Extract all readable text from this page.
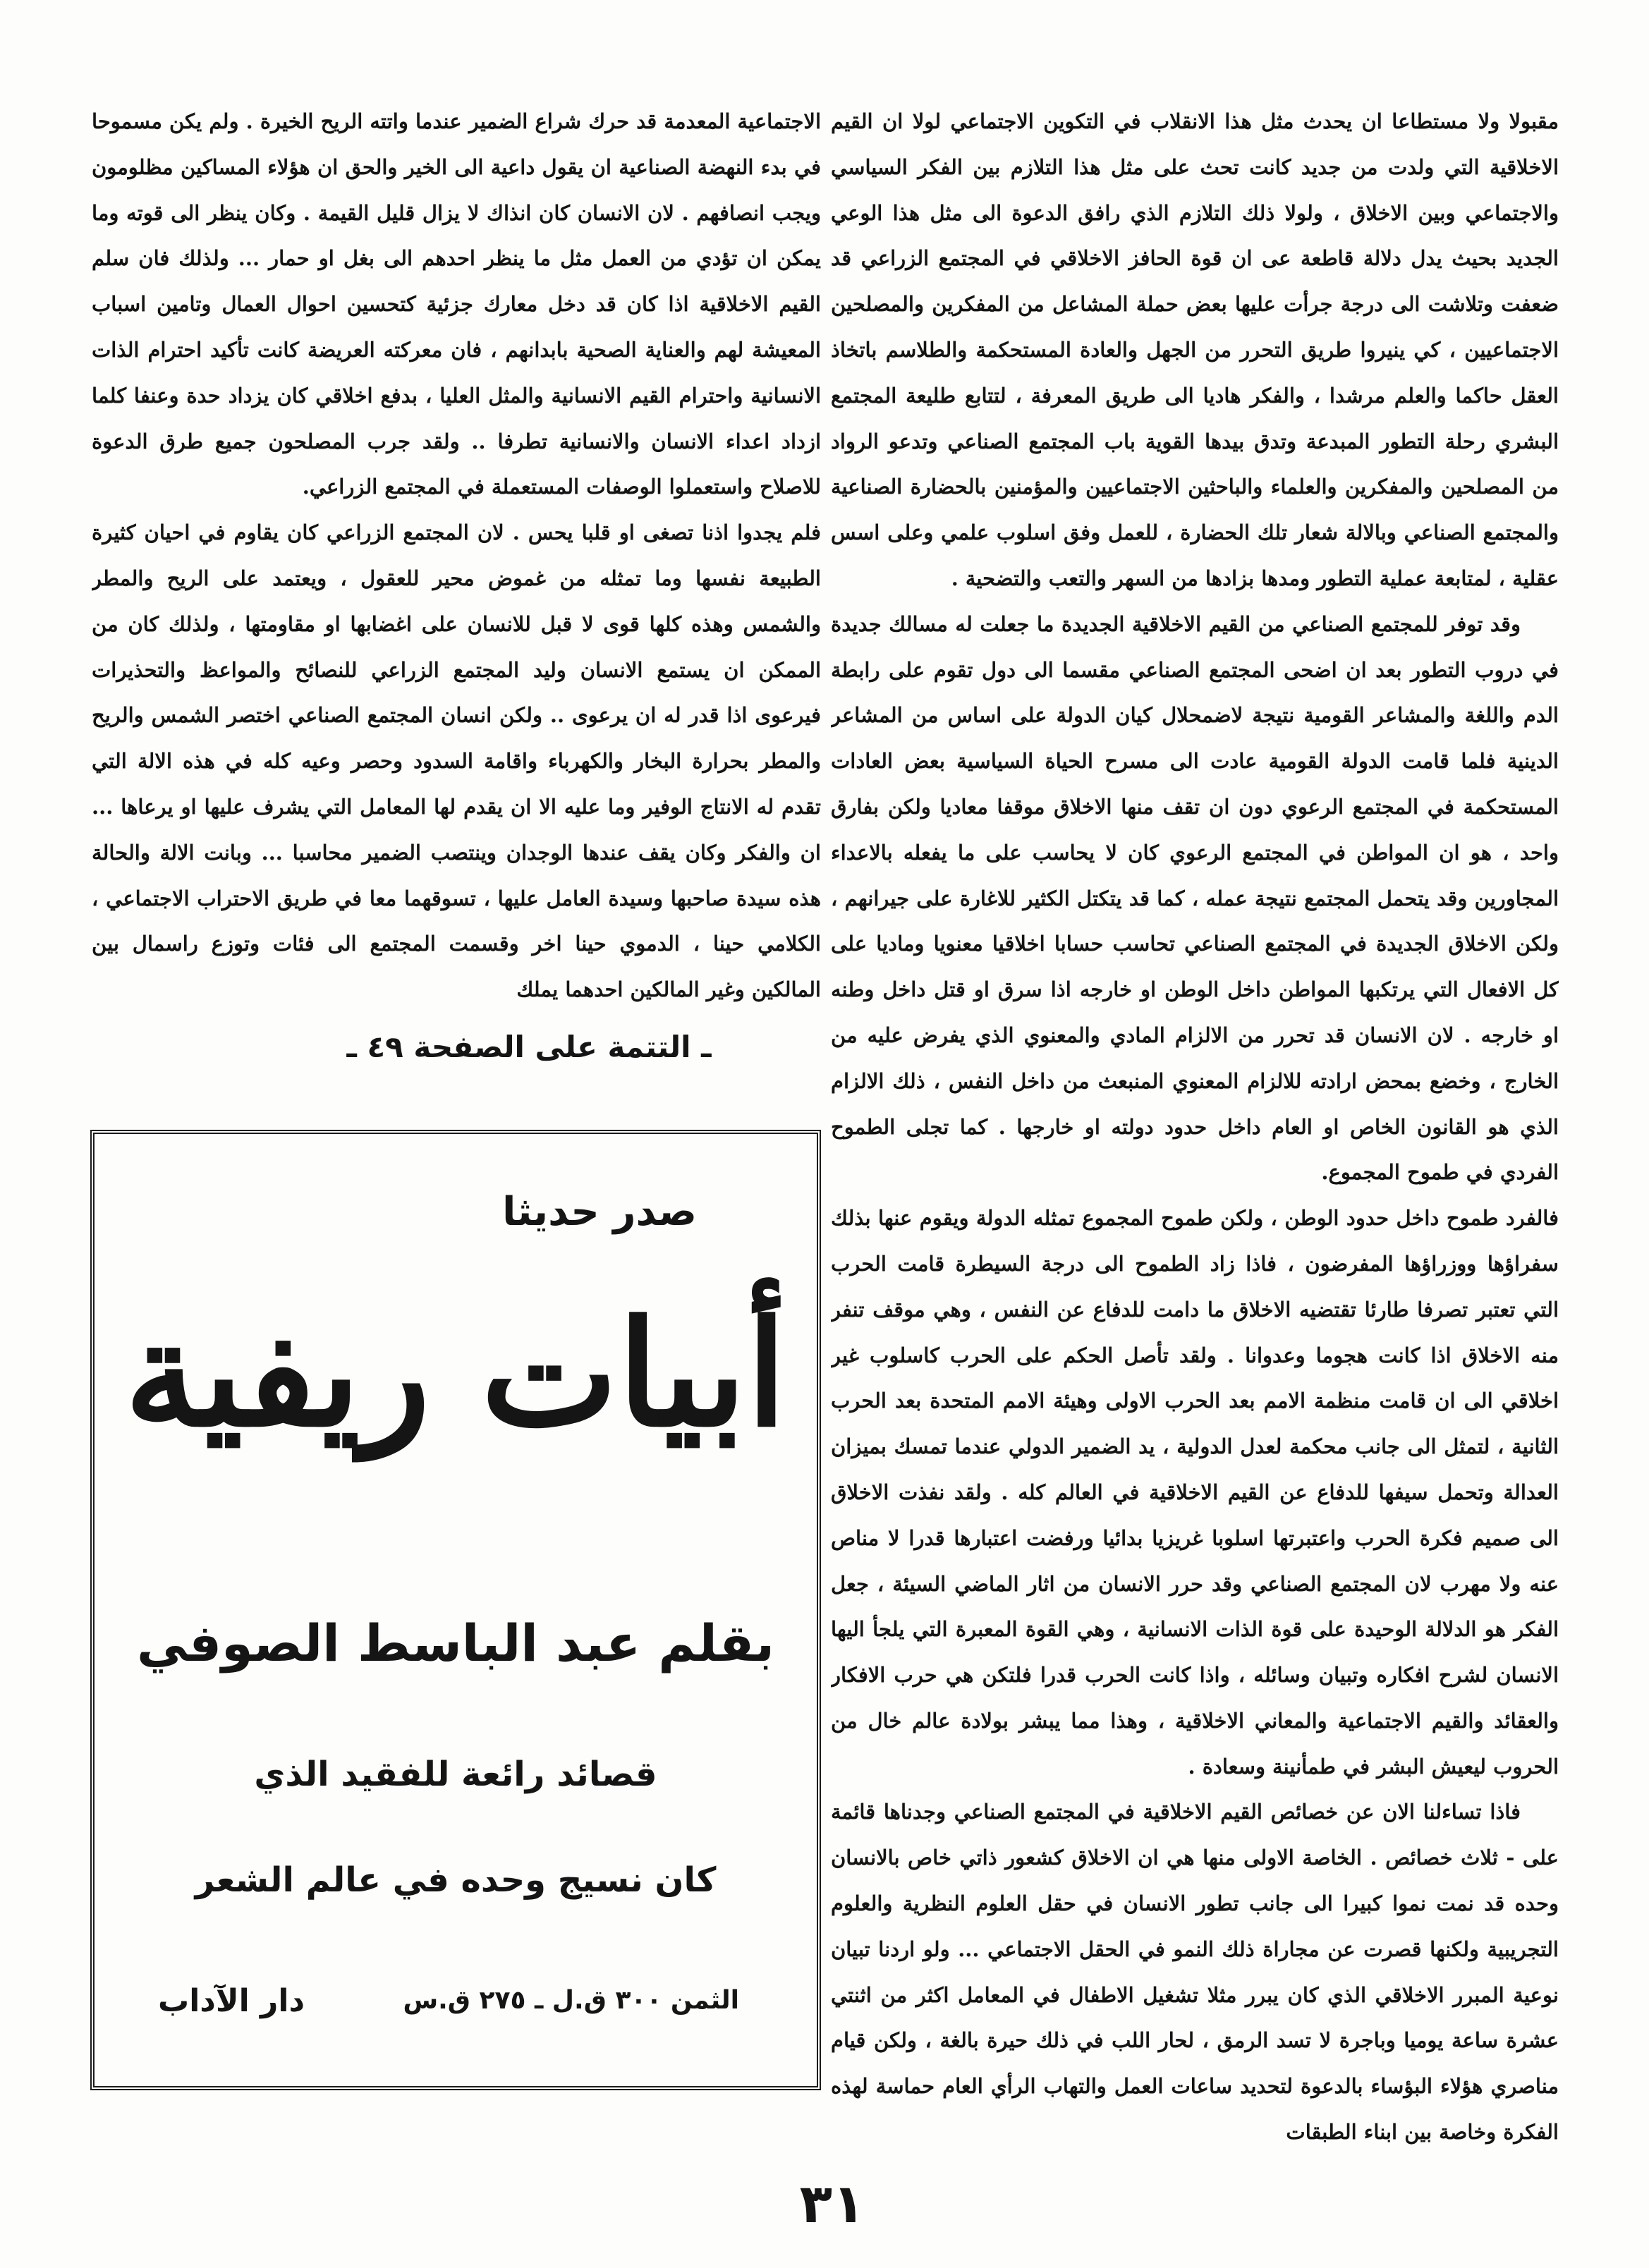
مقبولا ولا مستطاعا ان يحدث مثل هذا الانقلاب في التكوين الاجتماعي لولا ان القيم الاخلاقية التي ولدت من جديد كانت تحث على مثل هذا التلازم بين الفكر السياسي والاجتماعي وبين الاخلاق ، ولولا ذلك التلازم الذي رافق الدعوة الى مثل هذا الوعي الجديد بحيث يدل دلالة قاطعة عى ان قوة الحافز الاخلاقي في المجتمع الزراعي قد ضعفت وتلاشت الى درجة جرأت عليها بعض حملة المشاعل من المفكرين والمصلحين الاجتماعيين ، كي ينيروا طريق التحرر من الجهل والعادة المستحكمة والطلاسم باتخاذ العقل حاكما والعلم مرشدا ، والفكر هاديا الى طريق المعرفة ، لتتابع طليعة المجتمع البشري رحلة التطور المبدعة وتدق بيدها القوية باب المجتمع الصناعي وتدعو الرواد من المصلحين والمفكرين والعلماء والباحثين الاجتماعيين والمؤمنين بالحضارة الصناعية والمجتمع الصناعي وبالالة شعار تلك الحضارة ، للعمل وفق اسلوب علمي وعلى اسس عقلية ، لمتابعة عملية التطور ومدها بزادها من السهر والتعب والتضحية .

وقد توفر للمجتمع الصناعي من القيم الاخلاقية الجديدة ما جعلت له مسالك جديدة في دروب التطور بعد ان اضحى المجتمع الصناعي مقسما الى دول تقوم على رابطة الدم واللغة والمشاعر القومية نتيجة لاضمحلال كيان الدولة على اساس من المشاعر الدينية فلما قامت الدولة القومية عادت الى مسرح الحياة السياسية بعض العادات المستحكمة في المجتمع الرعوي دون ان تقف منها الاخلاق موقفا معاديا ولكن بفارق واحد ، هو ان المواطن في المجتمع الرعوي كان لا يحاسب على ما يفعله بالاعداء المجاورين وقد يتحمل المجتمع نتيجة عمله ، كما قد يتكتل الكثير للاغارة على جيرانهم ، ولكن الاخلاق الجديدة في المجتمع الصناعي تحاسب حسابا اخلاقيا معنويا وماديا على كل الافعال التي يرتكبها المواطن داخل الوطن او خارجه اذا سرق او قتل داخل وطنه او خارجه . لان الانسان قد تحرر من الالزام المادي والمعنوي الذي يفرض عليه من الخارج ، وخضع بمحض ارادته للالزام المعنوي المنبعث من داخل النفس ، ذلك الالزام الذي هو القانون الخاص او العام داخل حدود دولته او خارجها . كما تجلى الطموح الفردي في طموح المجموع.

فالفرد طموح داخل حدود الوطن ، ولكن طموح المجموع تمثله الدولة ويقوم عنها بذلك سفراؤها ووزراؤها المفرضون ، فاذا زاد الطموح الى درجة السيطرة قامت الحرب التي تعتبر تصرفا طارئا تقتضيه الاخلاق ما دامت للدفاع عن النفس ، وهي موقف تنفر منه الاخلاق اذا كانت هجوما وعدوانا . ولقد تأصل الحكم على الحرب كاسلوب غير اخلاقي الى ان قامت منظمة الامم بعد الحرب الاولى وهيئة الامم المتحدة بعد الحرب الثانية ، لتمثل الى جانب محكمة لعدل الدولية ، يد الضمير الدولي عندما تمسك بميزان العدالة وتحمل سيفها للدفاع عن القيم الاخلاقية في العالم كله . ولقد نفذت الاخلاق الى صميم فكرة الحرب واعتبرتها اسلوبا غريزيا بدائيا ورفضت اعتبارها قدرا لا مناص عنه ولا مهرب لان المجتمع الصناعي وقد حرر الانسان من اثار الماضي السيئة ، جعل الفكر هو الدلالة الوحيدة على قوة الذات الانسانية ، وهي القوة المعبرة التي يلجأ اليها الانسان لشرح افكاره وتبيان وسائله ، واذا كانت الحرب قدرا فلتكن هي حرب الافكار والعقائد والقيم الاجتماعية والمعاني الاخلاقية ، وهذا مما يبشر بولادة عالم خال من الحروب ليعيش البشر في طمأنينة وسعادة .

فاذا تساءلنا الان عن خصائص القيم الاخلاقية في المجتمع الصناعي وجدناها قائمة على - ثلاث خصائص . الخاصة الاولى منها هي ان الاخلاق كشعور ذاتي خاص بالانسان وحده قد نمت نموا كبيرا الى جانب تطور الانسان في حقل العلوم النظرية والعلوم التجريبية ولكنها قصرت عن مجاراة ذلك النمو في الحقل الاجتماعي ... ولو اردنا تبيان نوعية المبرر الاخلاقي الذي كان يبرر مثلا تشغيل الاطفال في المعامل اكثر من اثنتي عشرة ساعة يوميا وباجرة لا تسد الرمق ، لحار اللب في ذلك حيرة بالغة ، ولكن قيام مناصري هؤلاء البؤساء بالدعوة لتحديد ساعات العمل والتهاب الرأي العام حماسة لهذه الفكرة وخاصة بين ابناء الطبقات

الاجتماعية المعدمة قد حرك شراع الضمير عندما واتته الريح الخيرة . ولم يكن مسموحا في بدء النهضة الصناعية ان يقول داعية الى الخير والحق ان هؤلاء المساكين مظلومون ويجب انصافهم . لان الانسان كان انذاك لا يزال قليل القيمة . وكان ينظر الى قوته وما يمكن ان تؤدي من العمل مثل ما ينظر احدهم الى بغل او حمار ... ولذلك فان سلم القيم الاخلاقية اذا كان قد دخل معارك جزئية كتحسين احوال العمال وتامين اسباب المعيشة لهم والعناية الصحية بابدانهم ، فان معركته العريضة كانت تأكيد احترام الذات الانسانية واحترام القيم الانسانية والمثل العليا ، بدفع اخلاقي كان يزداد حدة وعنفا كلما ازداد اعداء الانسان والانسانية تطرفا .. ولقد جرب المصلحون جميع طرق الدعوة للاصلاح واستعملوا الوصفات المستعملة في المجتمع الزراعي.

فلم يجدوا اذنا تصغى او قلبا يحس . لان المجتمع الزراعي كان يقاوم في احيان كثيرة الطبيعة نفسها وما تمثله من غموض محير للعقول ، ويعتمد على الريح والمطر والشمس وهذه كلها قوى لا قبل للانسان على اغضابها او مقاومتها ، ولذلك كان من الممكن ان يستمع الانسان وليد المجتمع الزراعي للنصائح والمواعظ والتحذيرات فيرعوى اذا قدر له ان يرعوى .. ولكن انسان المجتمع الصناعي اختصر الشمس والريح والمطر بحرارة البخار والكهرباء واقامة السدود وحصر وعيه كله في هذه الالة التي تقدم له الانتاج الوفير وما عليه الا ان يقدم لها المعامل التي يشرف عليها او يرعاها ... ان والفكر وكان يقف عندها الوجدان وينتصب الضمير محاسبا ... وبانت الالة والحالة هذه سيدة صاحبها وسيدة العامل عليها ، تسوقهما معا في طريق الاحتراب الاجتماعي ، الكلامي حينا ، الدموي حينا اخر وقسمت المجتمع الى فئات وتوزع راسمال بين المالكين وغير المالكين احدهما يملك

ـ التتمة على الصفحة ٤٩ ـ
صدر حديثا
أبيات ريفية
بقلم عبد الباسط الصوفي
قصائد رائعة للفقيد الذي
كان نسيج وحده في عالم الشعر
الثمن ٣٠٠ ق.ل ـ ٢٧٥ ق.س
دار الآداب
٣١
